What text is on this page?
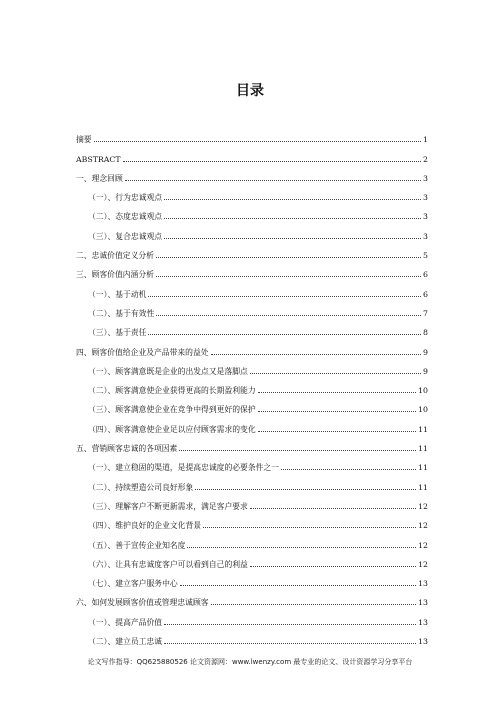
目录
摘要	1
ABSTRACT	2
一、理念回顾	3
（一）、行为忠诚观点	3
（二）、态度忠诚观点	3
（三）、复合忠诚观点	3
二、忠诚价值定义分析	5
三、顾客价值内涵分析	6
（一）、基于动机	6
（二）、基于有效性	7
（三）、基于责任	8
四、顾客价值给企业及产品带来的益处	9
（一）、顾客满意既是企业的出发点又是落脚点	9
（二）、顾客满意使企业获得更高的长期盈利能力	10
（三）、顾客满意使企业在竞争中得到更好的保护	10
（四）、顾客满意使企业足以应付顾客需求的变化	11
五、营销顾客忠诚的各项因素	11
（一）、建立稳固的渠道，是提高忠诚度的必要条件之一	11
（二）、持续塑造公司良好形象	11
（三）、理解客户不断更新需求，满足客户要求	12
（四）、维护良好的企业文化背景	12
（五）、善于宣传企业知名度	12
（六）、让具有忠诚度客户可以看到自己的利益	12
（七）、建立客户服务中心	13
六、如何发展顾客价值或管理忠诚顾客	13
（一）、提高产品价值	13
（二）、建立员工忠诚	13
论文写作指导：QQ625880526 论文资源网：www.lwenzy.com 最专业的论文、设计资源学习分享平台
